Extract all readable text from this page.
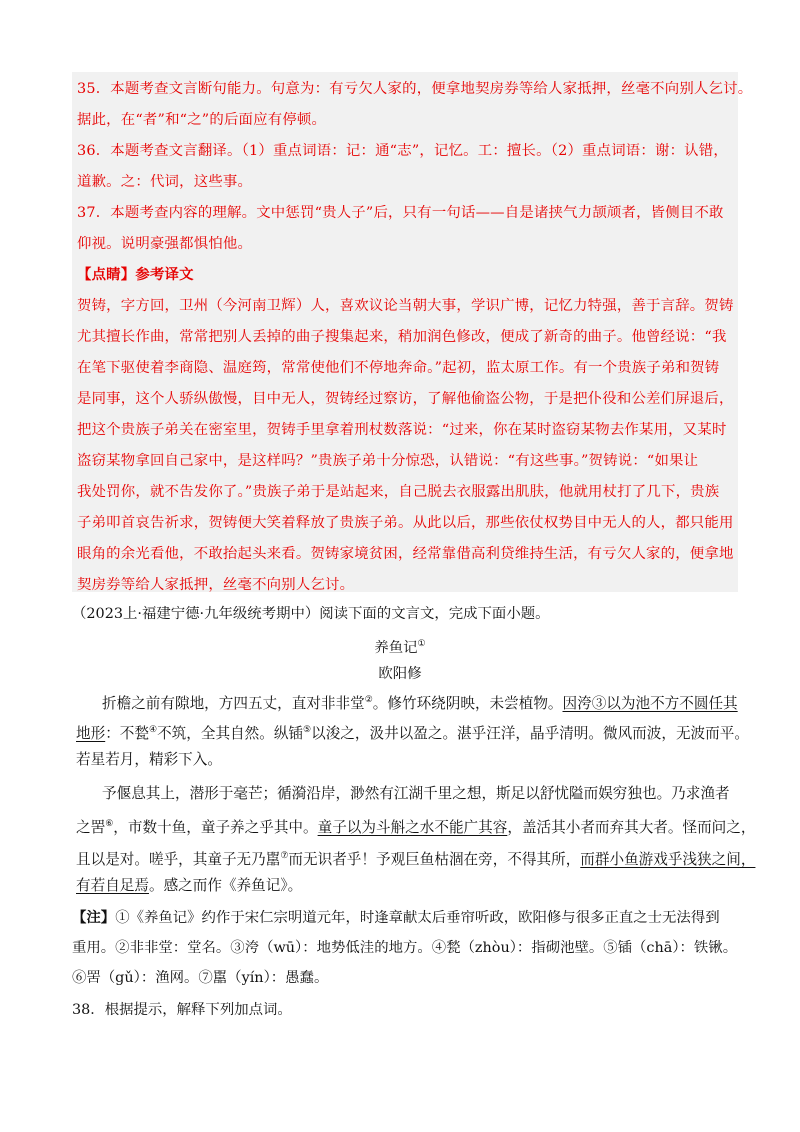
35．本题考查文言断句能力。句意为：有亏欠人家的，便拿地契房券等给人家抵押，丝毫不向别人乞讨。
据此，在“者”和“之”的后面应有停顿。
36．本题考查文言翻译。（1）重点词语：记：通“志”，记忆。工：擅长。（2）重点词语：谢：认错，
道歉。之：代词，这些事。
37．本题考查内容的理解。文中惩罚“贵人子”后，只有一句话——自是诸挟气力颉颃者，皆侧目不敢
仰视。说明豪强都惧怕他。
【点睛】参考译文
贺铸，字方回，卫州（今河南卫辉）人，喜欢议论当朝大事，学识广博，记忆力特强，善于言辞。贺铸
尤其擅长作曲，常常把别人丢掉的曲子搜集起来，稍加润色修改，便成了新奇的曲子。他曾经说：“我
在笔下驱使着李商隐、温庭筠，常常使他们不停地奔命。”起初，监太原工作。有一个贵族子弟和贺铸
是同事，这个人骄纵傲慢，目中无人，贺铸经过察访，了解他偷盗公物，于是把仆役和公差们屏退后，
把这个贵族子弟关在密室里，贺铸手里拿着刑杖数落说：“过来，你在某时盗窃某物去作某用，又某时
盗窃某物拿回自己家中，是这样吗？”贵族子弟十分惊恐，认错说：“有这些事。”贺铸说：“如果让
我处罚你，就不告发你了。”贵族子弟于是站起来，自己脱去衣服露出肌肤，他就用杖打了几下，贵族
子弟叩首哀告祈求，贺铸便大笑着释放了贵族子弟。从此以后，那些依仗权势目中无人的人，都只能用
眼角的余光看他，不敢抬起头来看。贺铸家境贫困，经常靠借高利贷维持生活，有亏欠人家的，便拿地
契房券等给人家抵押，丝毫不向别人乞讨。
（2023上·福建宁德·九年级统考期中）阅读下面的文言文，完成下面小题。
养鱼记①
欧阳修
折檐之前有隙地，方四五丈，直对非非堂②。修竹环绕阴映，未尝植物。因洿③以为池不方不圆任其
地形：不甃④不筑，全其自然。纵锸⑤以浚之，汲井以盈之。湛乎汪洋，晶乎清明。微风而波，无波而平。
若星若月，精彩下入。
予偃息其上，潜形于毫芒；循漪沿岸，渺然有江湖千里之想，斯足以舒忧隘而娱穷独也。乃求渔者
之罟⑥，市数十鱼，童子养之乎其中。童子以为斗斛之水不能广其容，盖活其小者而弃其大者。怪而问之，
且以是对。嗟乎，其童子无乃嚚⑦而无识者乎！予观巨鱼枯涸在旁，不得其所，而群小鱼游戏乎浅狭之间，
有若自足焉。感之而作《养鱼记》。
【注】①《养鱼记》约作于宋仁宗明道元年，时逢章献太后垂帘听政，欧阳修与很多正直之士无法得到
重用。②非非堂：堂名。③洿（wū）：地势低洼的地方。④甃（zhòu）：指砌池壁。⑤锸（chā）：铁锹。
⑥罟（gǔ）：渔网。⑦嚚（yín）：愚蠢。
38．根据提示，解释下列加点词。
